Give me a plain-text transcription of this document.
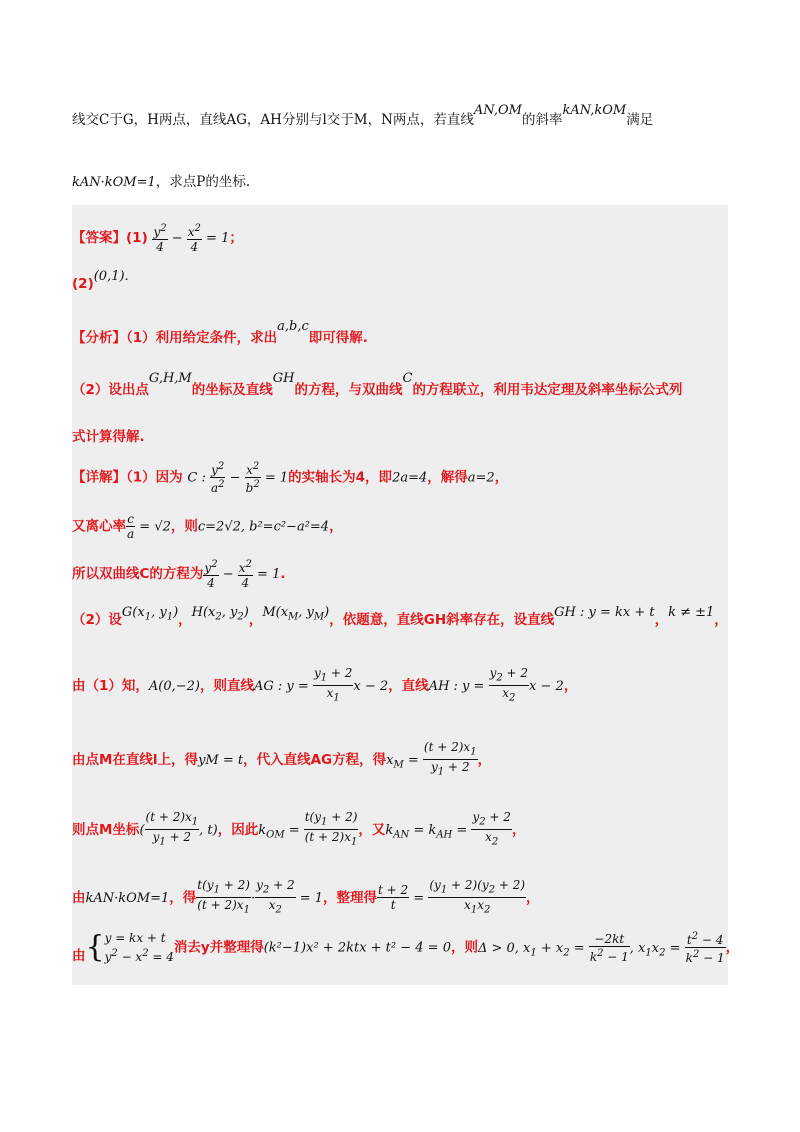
线交C于G，H两点，直线AG，AH分别与l交于M，N两点，若直线AN,OM的斜率kAN,kOM满足
kAN·kOM=1，求点P的坐标.
【答案】$(1) \frac{y^2}{4} - \frac{x^2}{4} = 1$；
(2)(0,1).
【分析】（1）利用给定条件，求出a,b,c即可得解.
（2）设出点G,H,M的坐标及直线GH的方程，与双曲线C的方程联立，利用韦达定理及斜率坐标公式列
式计算得解.
【详解】（1）因为 C : $\frac{y^2}{a^2} - \frac{x^2}{b^2} = 1$的实轴长为4，即2a=4，解得a=2，
又离心率 $\frac{c}{a} = √2$，则c=2√2, b²=c²−a²=4，
所以双曲线C的方程为 $\frac{y^2}{4} - \frac{x^2}{4} = 1$.
（2）设$G(x_1$, $y_1$)，$H(x_2$, $y_2$)，$M(x_M$, $y_M$)，依题意，直线GH斜率存在，设直线GH : y = kx + t，k ≠ ±1，
由（1）知，A(0,−2)，则直线AG : $y = \frac{y_1 + 2}{x_1}$ x − 2，直线AH : $y = \frac{y_2 + 2}{x_2}$ x − 2，
由点M在直线l上，得yM = t，代入直线AG方程，得$x_M = \frac{(t + 2)x_1}{y_1 + 2}$ ，
则点M坐标( $\frac{(t + 2)x_1}{y_1 + 2}$ , t)，因此$k_{OM} = \frac{t(y_1 + 2)}{(t + 2)x_1}$ ，又$k_{AN} = k_{AH} = \frac{y_2 + 2}{x_2}$ ，
由kAN·kOM=1，得 $\frac{t(y_1 + 2)}{(t + 2)x_1} \cdot \frac{y_2 + 2}{x_2} = 1$，整理得 $\frac{t + 2}{t} = \frac{(y_1 + 2)(y_2 + 2)}{x_1x_2}$ ，
由{ y = kx + t
$y^2 - x^2 = 4$
消去y并整理得(k²−1)x² + 2ktx + t² − 4 = 0，则Δ > 0, $x_1 + x_2 = \frac{-2kt}{k^2 - 1}$ , $x_1x_2 = \frac{t^2 - 4}{k^2 - 1}$ ，
